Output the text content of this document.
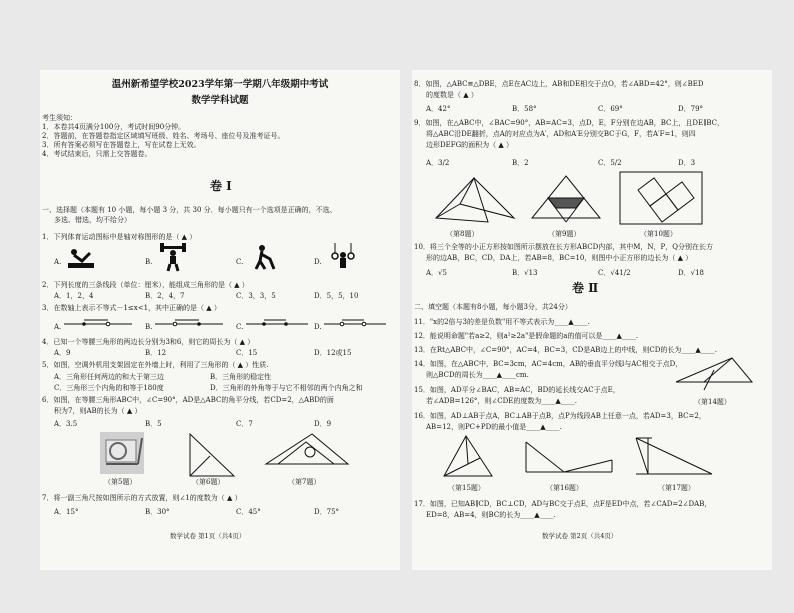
温州新希望学校2023学年第一学期八年级期中考试
数学学科试题
考生须知：
1．本卷共4页满分100分，考试时间90分钟。
2．答题前，在答题卷指定区域填写班级、姓名、考场号、座位号及准考证号。
3．所有答案必须写在答题卷上，写在试卷上无效。
4．考试结束后，只需上交答题卷。
卷 Ⅰ
一、选择题（本题有 10 小题，每小题 3 分，共 30 分．每小题只有一个选项是正确的，不选、
多选、错选，均不给分）
1．下列体育运动图标中是轴对称图形的是（ ▲ ）
A.	B.	C.	D.
2．下列长度的三条线段（单位：厘米），能组成三角形的是（ ▲ ）
A．1，2，4	B．2，4，7	C．3，3，5	D．5，5，10
3．在数轴上表示不等式－1≤x<1，其中正确的是（ ▲ ）
A.	B.	C.	D.
4．已知一个等腰三角形的两边长分别为3和6，则它的周长为（ ▲ ）
A．9	B．12	C．15	D．12或15
5．如图，空调外机用支架固定在外墙上时，利用了三角形的（ ▲ ）性质.
A．三角形任何两边的和大于第三边	B．三角形的稳定性
C．三角形三个内角的和等于180度	D．三角形的外角等于与它不相邻的两个内角之和
6．如图，在等腰三角形ABC中，∠C=90°，AD是△ABC的角平分线，若CD=2，△ABD的面
积为7，则AB的长为（ ▲ ）
A．3.5	B．5	C．7	D．9
（第5题）	（第6题）	（第7题）
7．将一副三角尺按如图所示的方式放置，则∠1的度数为（ ▲ ）
A．15°	B．30°	C．45°	D．75°
数学试卷 第1页（共4页）
8．如图，△ABC≌△DBE，点E在AC边上，AB和DE相交于点O，若∠ABD=42°，则∠BED
的度数是（ ▲ ）
A．42°	B．58°	C．69°	D．79°
9．如图，在△ABC中，∠BAC=90°，AB=AC=3，点D，E，F分别在边AB，BC上，且DE∥BC，
将△ABC沿DE翻折，点A的对应点为A′，AD和A′E分别交BC于G，F，若A′F=1，则四
边形DEFG的面积为（ ▲ ）
A．3/2	B．2	C．5/2	D．3
（第8题）	（第9题）	（第10题）
10．将三个全等的小正方形按如图所示摆放在长方形ABCD内部，其中M，N，P，Q分别在长方
形的边AB，BC，CD，DA上，若AB=8，BC=10，则图中小正方形的边长为（ ▲ ）
A．√5	B．√13	C．√41/2	D．√18
卷 Ⅱ
二、填空题（本题有8小题，每小题3分，共24分）
11．"x的2倍与3的差是负数"用不等式表示为____▲____.
12．能说明命题"若a≥2，则a²≥2a"是假命题的a的值可以是____▲____.
13．在Rt△ABC中，∠C=90°，AC=4，BC=3，CD是AB边上的中线，则CD的长为____▲____.
14．如图，在△ABC中，BC=3cm，AC=4cm，AB的垂直平分线l与AC相交于点D，
则△BCD的周长为____▲____cm.
（第14题）
15．如图，AD平分∠BAC，AB=AC，BD的延长线交AC于点E，
若∠ADB=126°，则∠CDE的度数为____▲____.
16．如图，AD⊥AB于点A，BC⊥AB于点B，点P为线段AB上任意一点，若AD=3，BC=2，
AB=12，则PC+PD的最小值是____▲____.
（第15题）	（第16题）	（第17题）
17．如图，已知AB∥CD，BC⊥CD，AD与BC交于点E，点F是ED中点，若∠CAD=2∠DAB，
ED=8，AB=4，则BC的长为____▲____.
数学试卷 第2页（共4页）
